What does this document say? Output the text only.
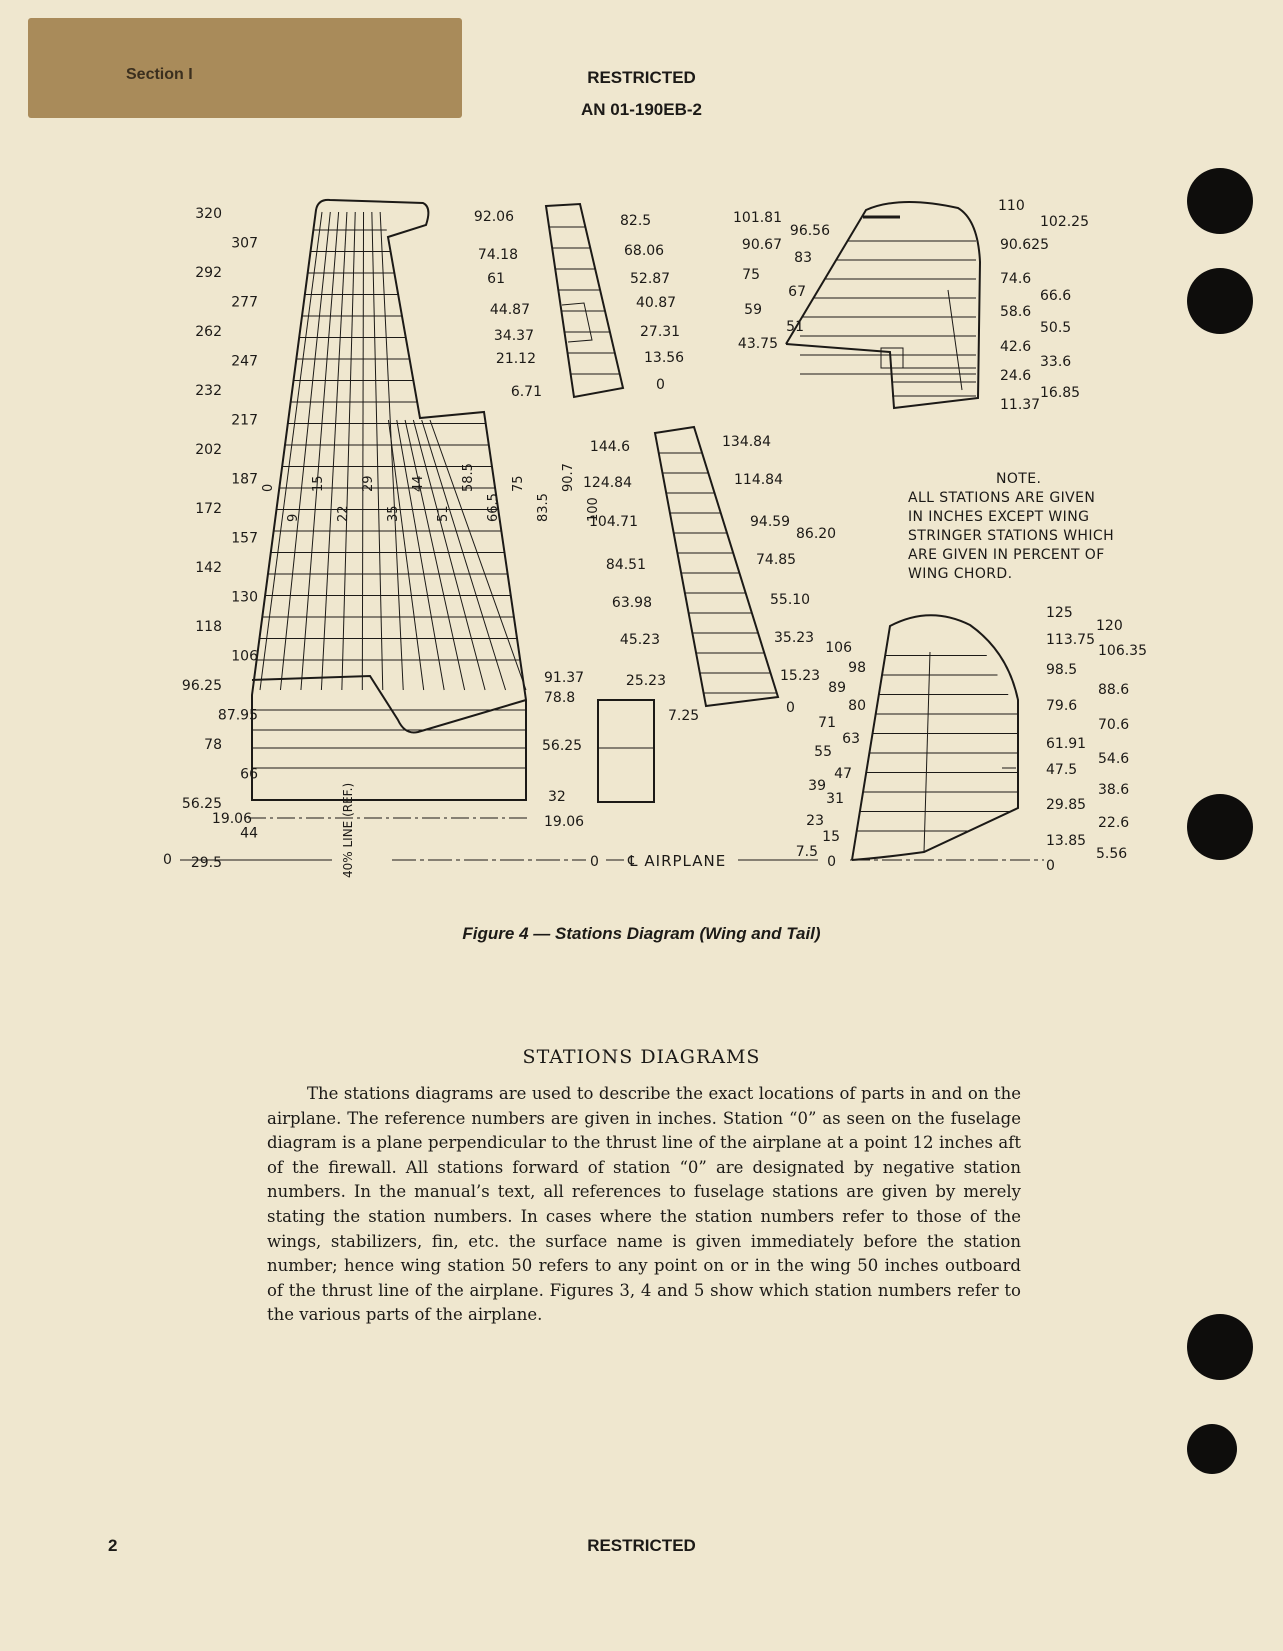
Section I	RESTRICTED
AN 01-190EB-2
320
307
292
277
262
247
232
217
202
187
172
157
142
130
118
106
96.25
87.95
78
66
56.25
44
29.5
19.06
0
9
15
22
29
35
44
51
58.5
66.5
75
83.5
90.7
100
91.37
78.8
56.25
32
19.06
92.06
74.18
61
44.87
34.37
21.12
6.71
82.5
68.06
52.87
40.87
27.31
13.56
0
144.6
124.84
104.71
84.51
63.98
45.23
25.23
134.84
114.84
94.59
86.20
74.85
55.10
35.23
15.23
0
7.25
101.81
96.56
90.67
83
75
67
59
51
43.75
110
102.25
90.625
74.6
66.6
58.6
50.5
42.6
33.6
24.6
16.85
11.37
106
98
89
80
71
63
55
47
39
31
23
15
7.5
0
125
120
113.75
106.35
98.5
88.6
79.6
70.6
61.91
54.6
47.5
38.6
29.85
22.6
13.85
5.56
0
0	0 ℄ AIRPLANE
40% LINE (REF.)
NOTE.
ALL STATIONS ARE GIVEN
IN INCHES EXCEPT WING
STRINGER STATIONS WHICH
ARE GIVEN IN PERCENT OF
WING CHORD.
Figure 4 — Stations Diagram (Wing and Tail)
STATIONS DIAGRAMS

The stations diagrams are used to describe the exact locations of parts in and on the airplane. The reference numbers are given in inches. Station “0” as seen on the fuselage diagram is a plane perpendicular to the thrust line of the airplane at a point 12 inches aft of the firewall. All stations forward of station “0” are designated by negative station numbers. In the manual’s text, all references to fuselage stations are given by merely stating the station numbers. In cases where the station numbers refer to those of the wings, stabilizers, fin, etc. the surface name is given immediately before the station number; hence wing station 50 refers to any point on or in the wing 50 inches outboard of the thrust line of the airplane. Figures 3, 4 and 5 show which station numbers refer to the various parts of the airplane.

2	RESTRICTED
